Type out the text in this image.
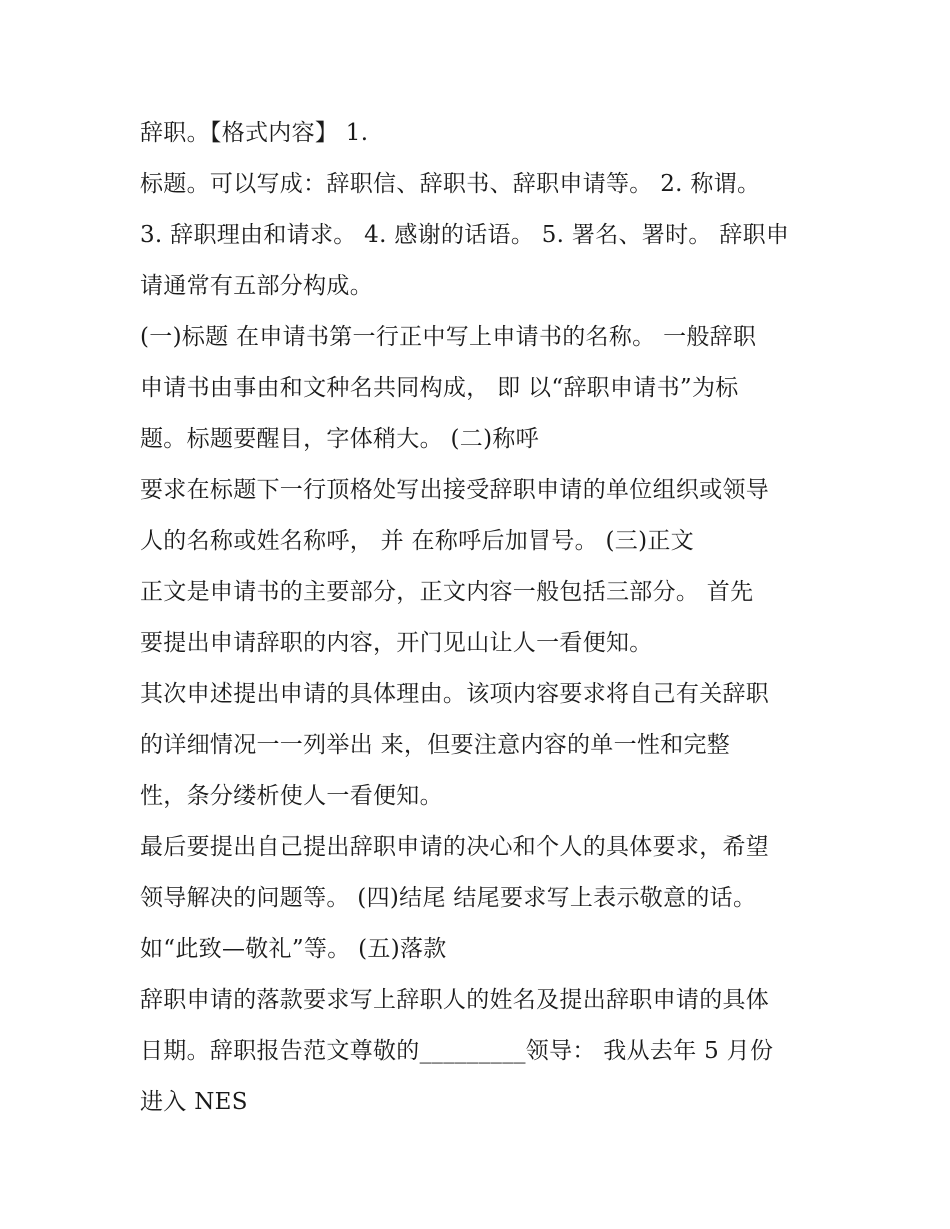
辞职。【格式内容】 1.
标题。可以写成：辞职信、辞职书、辞职申请等。 2. 称谓。
3. 辞职理由和请求。 4. 感谢的话语。 5. 署名、署时。 辞职申
请通常有五部分构成。
(一)标题 在申请书第一行正中写上申请书的名称。 一般辞职
申请书由事由和文种名共同构成， 即 以“辞职申请书”为标
题。标题要醒目，字体稍大。 (二)称呼
要求在标题下一行顶格处写出接受辞职申请的单位组织或领导
人的名称或姓名称呼， 并 在称呼后加冒号。 (三)正文
正文是申请书的主要部分，正文内容一般包括三部分。 首先
要提出申请辞职的内容，开门见山让人一看便知。
其次申述提出申请的具体理由。该项内容要求将自己有关辞职
的详细情况一一列举出 来，但要注意内容的单一性和完整
性，条分缕析使人一看便知。
最后要提出自己提出辞职申请的决心和个人的具体要求，希望
领导解决的问题等。 (四)结尾 结尾要求写上表示敬意的话。
如“此致—敬礼”等。 (五)落款
辞职申请的落款要求写上辞职人的姓名及提出辞职申请的具体
日期。辞职报告范文尊敬的_________领导： 我从去年 5 月份
进入 NES
